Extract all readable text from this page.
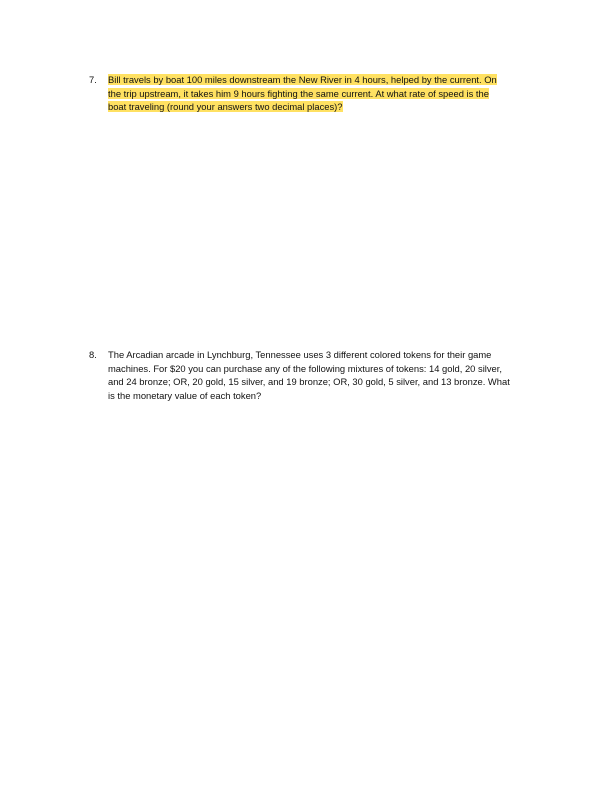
7. Bill travels by boat 100 miles downstream the New River in 4 hours, helped by the current. On
the trip upstream, it takes him 9 hours fighting the same current. At what rate of speed is the
boat traveling (round your answers two decimal places)?
8. The Arcadian arcade in Lynchburg, Tennessee uses 3 different colored tokens for their game
machines. For $20 you can purchase any of the following mixtures of tokens: 14 gold, 20 silver,
and 24 bronze; OR, 20 gold, 15 silver, and 19 bronze; OR, 30 gold, 5 silver, and 13 bronze. What
is the monetary value of each token?
